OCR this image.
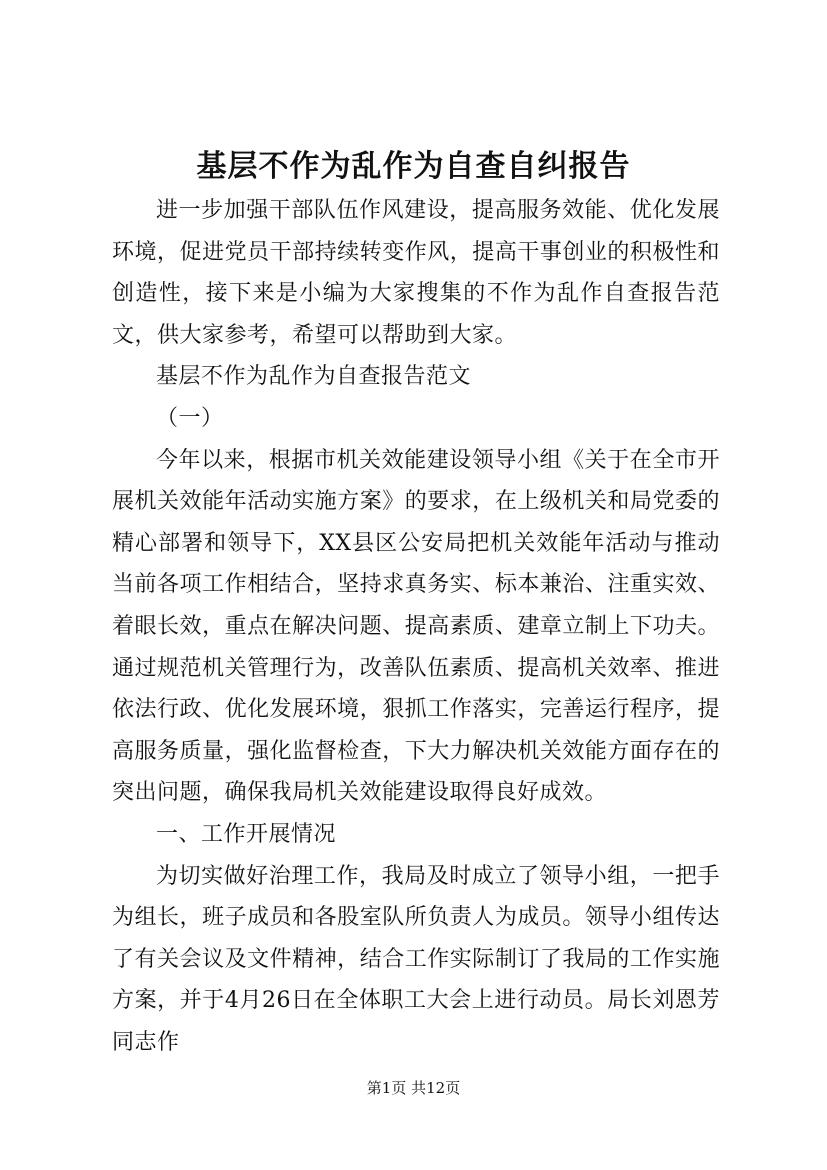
基层不作为乱作为自查自纠报告

进一步加强干部队伍作风建设，提高服务效能、优化发展环境，促进党员干部持续转变作风，提高干事创业的积极性和创造性，接下来是小编为大家搜集的不作为乱作自查报告范文，供大家参考，希望可以帮助到大家。

基层不作为乱作为自查报告范文

（一）

今年以来，根据市机关效能建设领导小组《关于在全市开展机关效能年活动实施方案》的要求，在上级机关和局党委的精心部署和领导下，XX县区公安局把机关效能年活动与推动当前各项工作相结合，坚持求真务实、标本兼治、注重实效、着眼长效，重点在解决问题、提高素质、建章立制上下功夫。通过规范机关管理行为，改善队伍素质、提高机关效率、推进依法行政、优化发展环境，狠抓工作落实，完善运行程序，提高服务质量，强化监督检查，下大力解决机关效能方面存在的突出问题，确保我局机关效能建设取得良好成效。

一、工作开展情况

为切实做好治理工作，我局及时成立了领导小组，一把手为组长，班子成员和各股室队所负责人为成员。领导小组传达了有关会议及文件精神，结合工作实际制订了我局的工作实施方案，并于4月26日在全体职工大会上进行动员。局长刘恩芳同志作

第1页 共12页
